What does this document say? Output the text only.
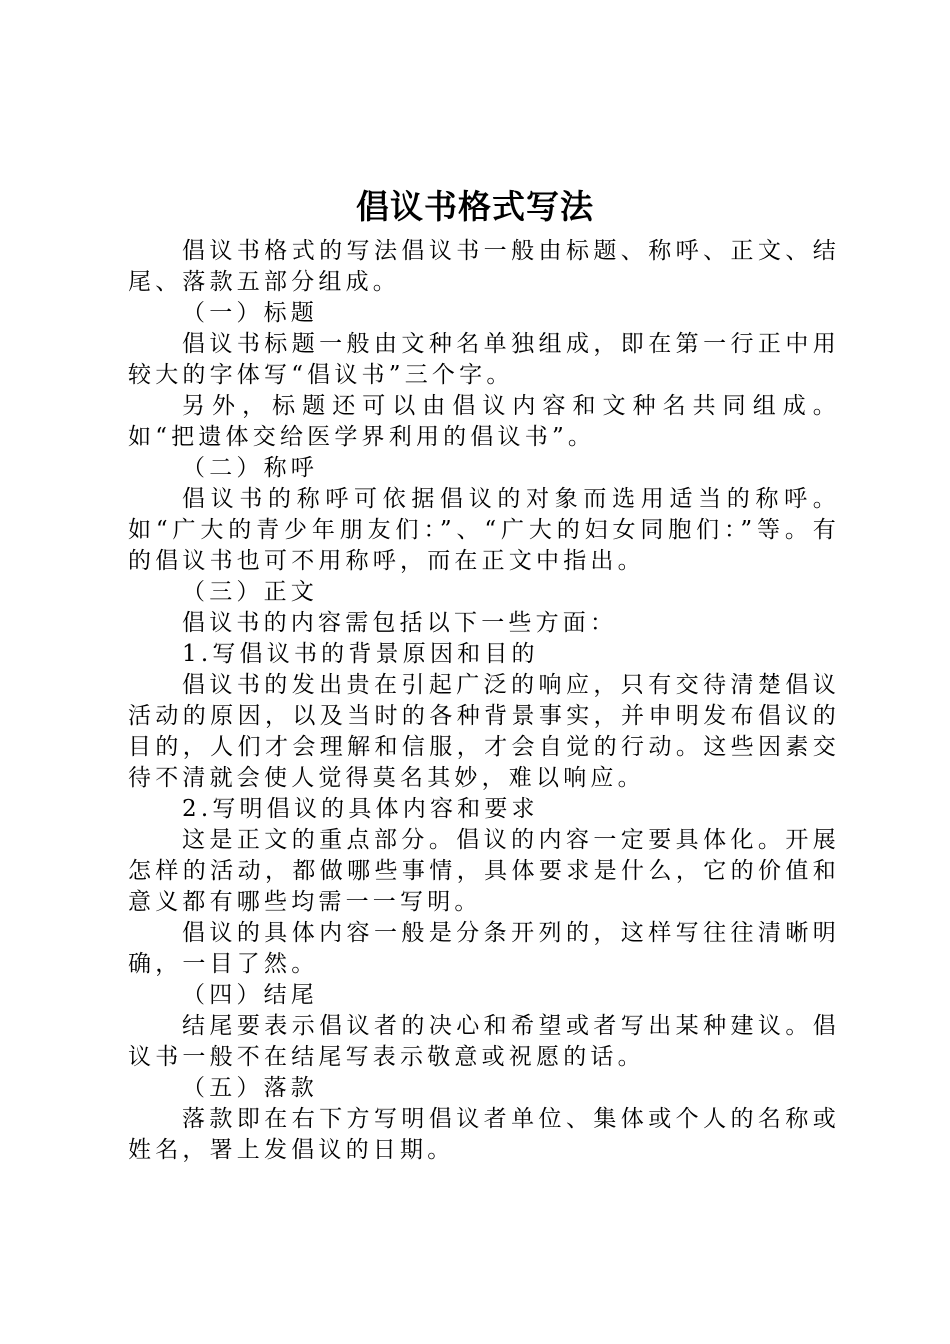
倡议书格式写法

倡议书格式的写法倡议书一般由标题、称呼、正文、结尾、落款五部分组成。

（一）标题

倡议书标题一般由文种名单独组成，即在第一行正中用较大的字体写“倡议书”三个字。

另外，标题还可以由倡议内容和文种名共同组成。如“把遗体交给医学界利用的倡议书”。

（二）称呼

倡议书的称呼可依据倡议的对象而选用适当的称呼。如“广大的青少年朋友们：”、“广大的妇女同胞们：”等。有的倡议书也可不用称呼，而在正文中指出。

（三）正文

倡议书的内容需包括以下一些方面：

1.写倡议书的背景原因和目的

倡议书的发出贵在引起广泛的响应，只有交待清楚倡议活动的原因，以及当时的各种背景事实，并申明发布倡议的目的，人们才会理解和信服，才会自觉的行动。这些因素交待不清就会使人觉得莫名其妙，难以响应。

2.写明倡议的具体内容和要求

这是正文的重点部分。倡议的内容一定要具体化。开展怎样的活动，都做哪些事情，具体要求是什么，它的价值和意义都有哪些均需一一写明。

倡议的具体内容一般是分条开列的，这样写往往清晰明确，一目了然。

（四）结尾

结尾要表示倡议者的决心和希望或者写出某种建议。倡议书一般不在结尾写表示敬意或祝愿的话。

（五）落款

落款即在右下方写明倡议者单位、集体或个人的名称或姓名，署上发倡议的日期。
